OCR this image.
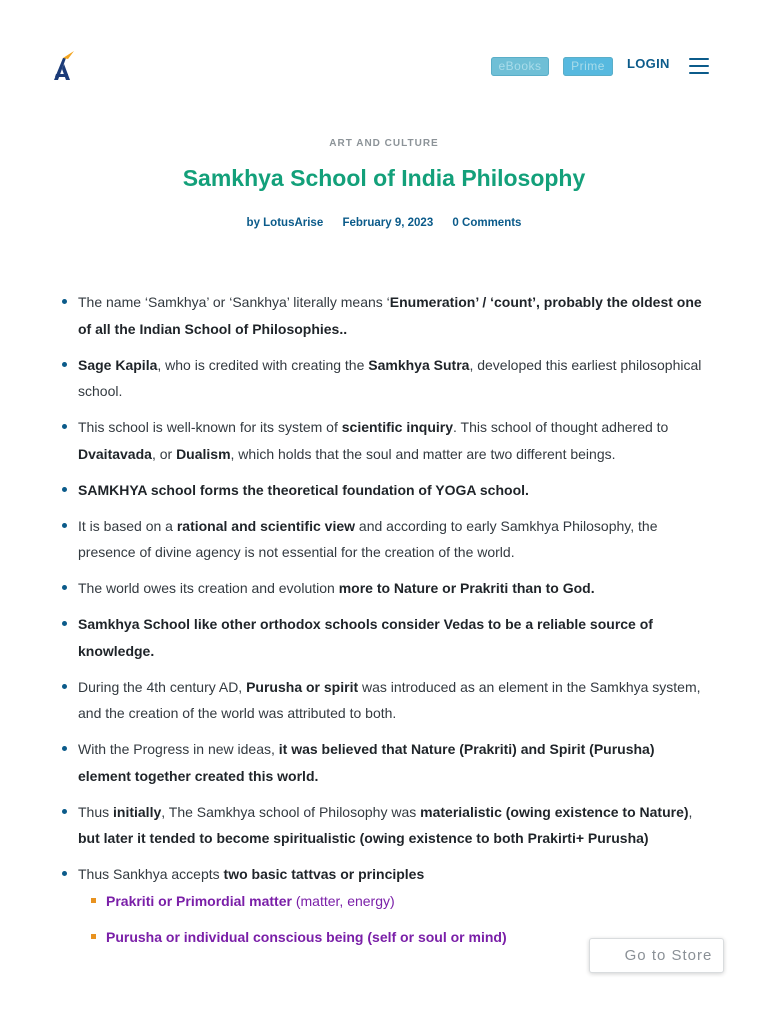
eBooks	Prime	LOGIN
ART AND CULTURE
Samkhya School of India Philosophy
by LotusArise February 9, 2023 0 Comments
The name ‘Samkhya’ or ‘Sankhya’ literally means ‘Enumeration’ / ‘count’, probably the oldest one of all the Indian School of Philosophies..
Sage Kapila, who is credited with creating the Samkhya Sutra, developed this earliest philosophical school.
This school is well-known for its system of scientific inquiry. This school of thought adhered to Dvaitavada, or Dualism, which holds that the soul and matter are two different beings.
SAMKHYA school forms the theoretical foundation of YOGA school.
It is based on a rational and scientific view and according to early Samkhya Philosophy, the presence of divine agency is not essential for the creation of the world.
The world owes its creation and evolution more to Nature or Prakriti than to God.
Samkhya School like other orthodox schools consider Vedas to be a reliable source of knowledge.
During the 4th century AD, Purusha or spirit was introduced as an element in the Samkhya system, and the creation of the world was attributed to both.
With the Progress in new ideas, it was believed that Nature (Prakriti) and Spirit (Purusha) element together created this world.
Thus initially, The Samkhya school of Philosophy was materialistic (owing existence to Nature), but later it tended to become spiritualistic (owing existence to both Prakirti+ Purusha)
Thus Sankhya accepts two basic tattvas or principles
Prakriti or Primordial matter (matter, energy)
Purusha or individual conscious being (self or soul or mind)
Go to Store
